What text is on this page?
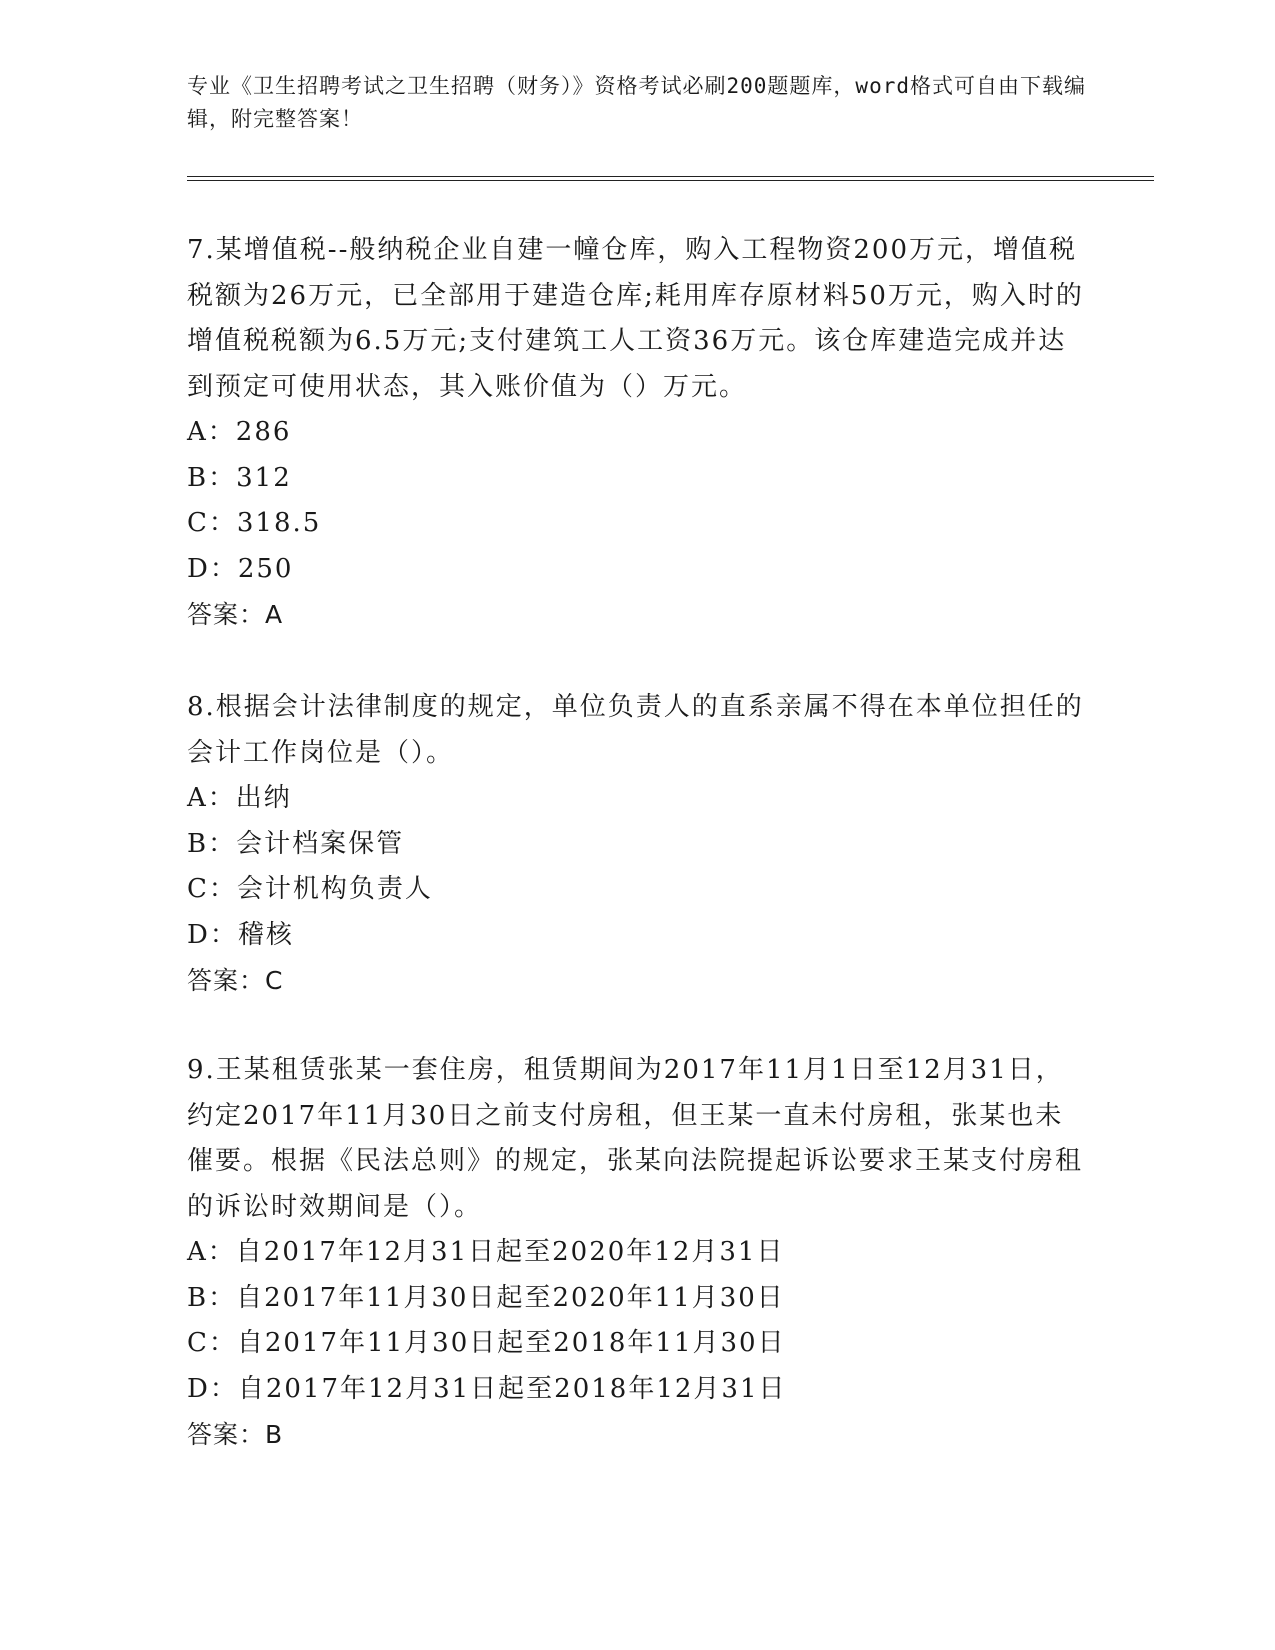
专业《卫生招聘考试之卫生招聘（财务）》资格考试必刷200题题库，word格式可自由下载编辑，附完整答案！

7.某增值税--般纳税企业自建一幢仓库，购入工程物资200万元，增值税税额为26万元，已全部用于建造仓库;耗用库存原材料50万元，购入时的增值税税额为6.5万元;支付建筑工人工资36万元。该仓库建造完成并达到预定可使用状态，其入账价值为（）万元。

A：286

B：312

C：318.5

D：250

答案：A

8.根据会计法律制度的规定，单位负责人的直系亲属不得在本单位担任的会计工作岗位是（）。

A：出纳

B：会计档案保管

C：会计机构负责人

D：稽核

答案：C

9.王某租赁张某一套住房，租赁期间为2017年11月1日至12月31日，约定2017年11月30日之前支付房租，但王某一直未付房租，张某也未催要。根据《民法总则》的规定，张某向法院提起诉讼要求王某支付房租的诉讼时效期间是（）。

A：自2017年12月31日起至2020年12月31日

B：自2017年11月30日起至2020年11月30日

C：自2017年11月30日起至2018年11月30日

D：自2017年12月31日起至2018年12月31日

答案：B
